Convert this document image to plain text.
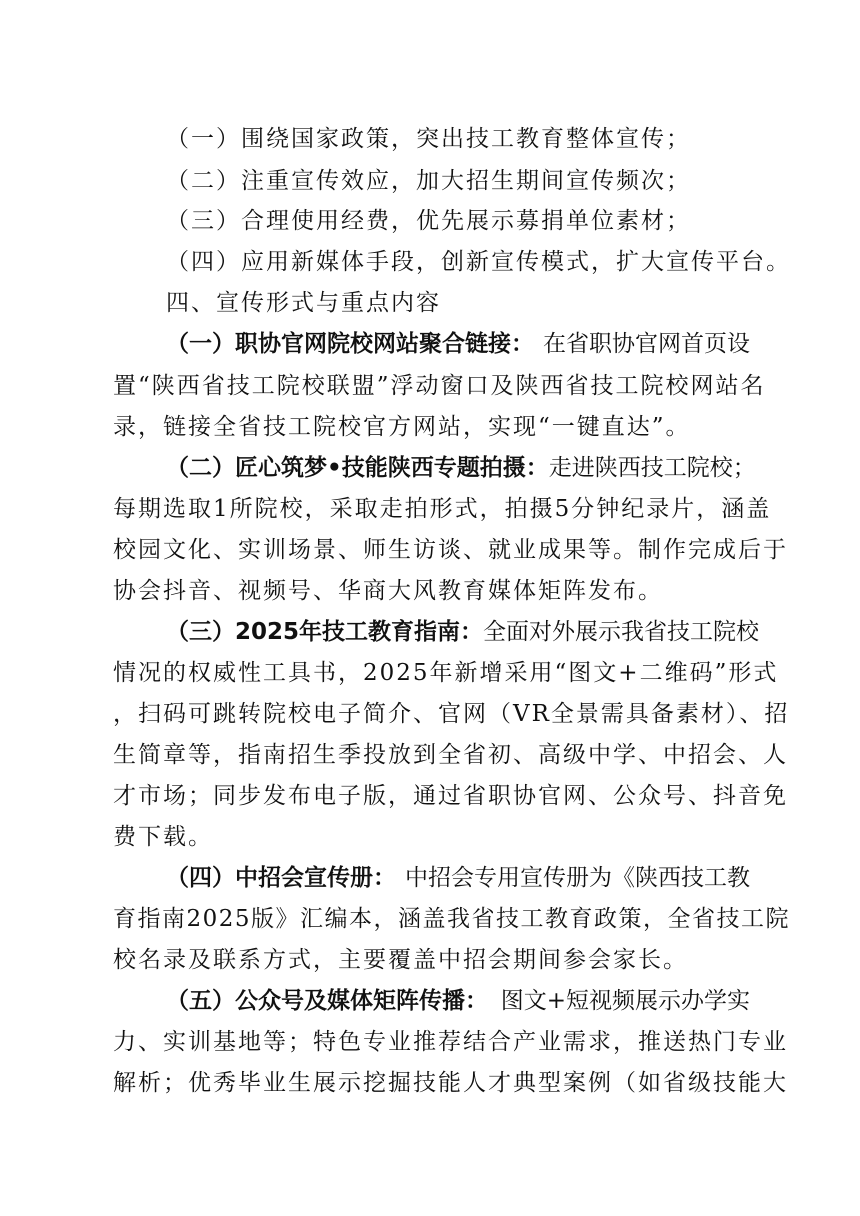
（一）围绕国家政策，突出技工教育整体宣传；
（二）注重宣传效应，加大招生期间宣传频次；
（三）合理使用经费，优先展示募捐单位素材；
（四）应用新媒体手段，创新宣传模式，扩大宣传平台。
四、宣传形式与重点内容
（一）职协官网院校网站聚合链接： 在省职协官网首页设
置“陕西省技工院校联盟”浮动窗口及陕西省技工院校网站名
录，链接全省技工院校官方网站，实现“一键直达”。
（二）匠心筑梦•技能陕西专题拍摄： 走进陕西技工院校；
每期选取1所院校，采取走拍形式，拍摄5分钟纪录片，涵盖
校园文化、实训场景、师生访谈、就业成果等。制作完成后于
协会抖音、视频号、华商大风教育媒体矩阵发布。
（三）2025年技工教育指南： 全面对外展示我省技工院校
情况的权威性工具书，2025年新增采用“图文+二维码”形式
，扫码可跳转院校电子简介、官网（VR全景需具备素材）、招
生简章等，指南招生季投放到全省初、高级中学、中招会、人
才市场；同步发布电子版，通过省职协官网、公众号、抖音免
费下载。
（四）中招会宣传册： 中招会专用宣传册为《陕西技工教
育指南2025版》汇编本，涵盖我省技工教育政策，全省技工院
校名录及联系方式，主要覆盖中招会期间参会家长。
（五）公众号及媒体矩阵传播： 图文+短视频展示办学实
力、实训基地等；特色专业推荐结合产业需求，推送热门专业
解析；优秀毕业生展示挖掘技能人才典型案例（如省级技能大
